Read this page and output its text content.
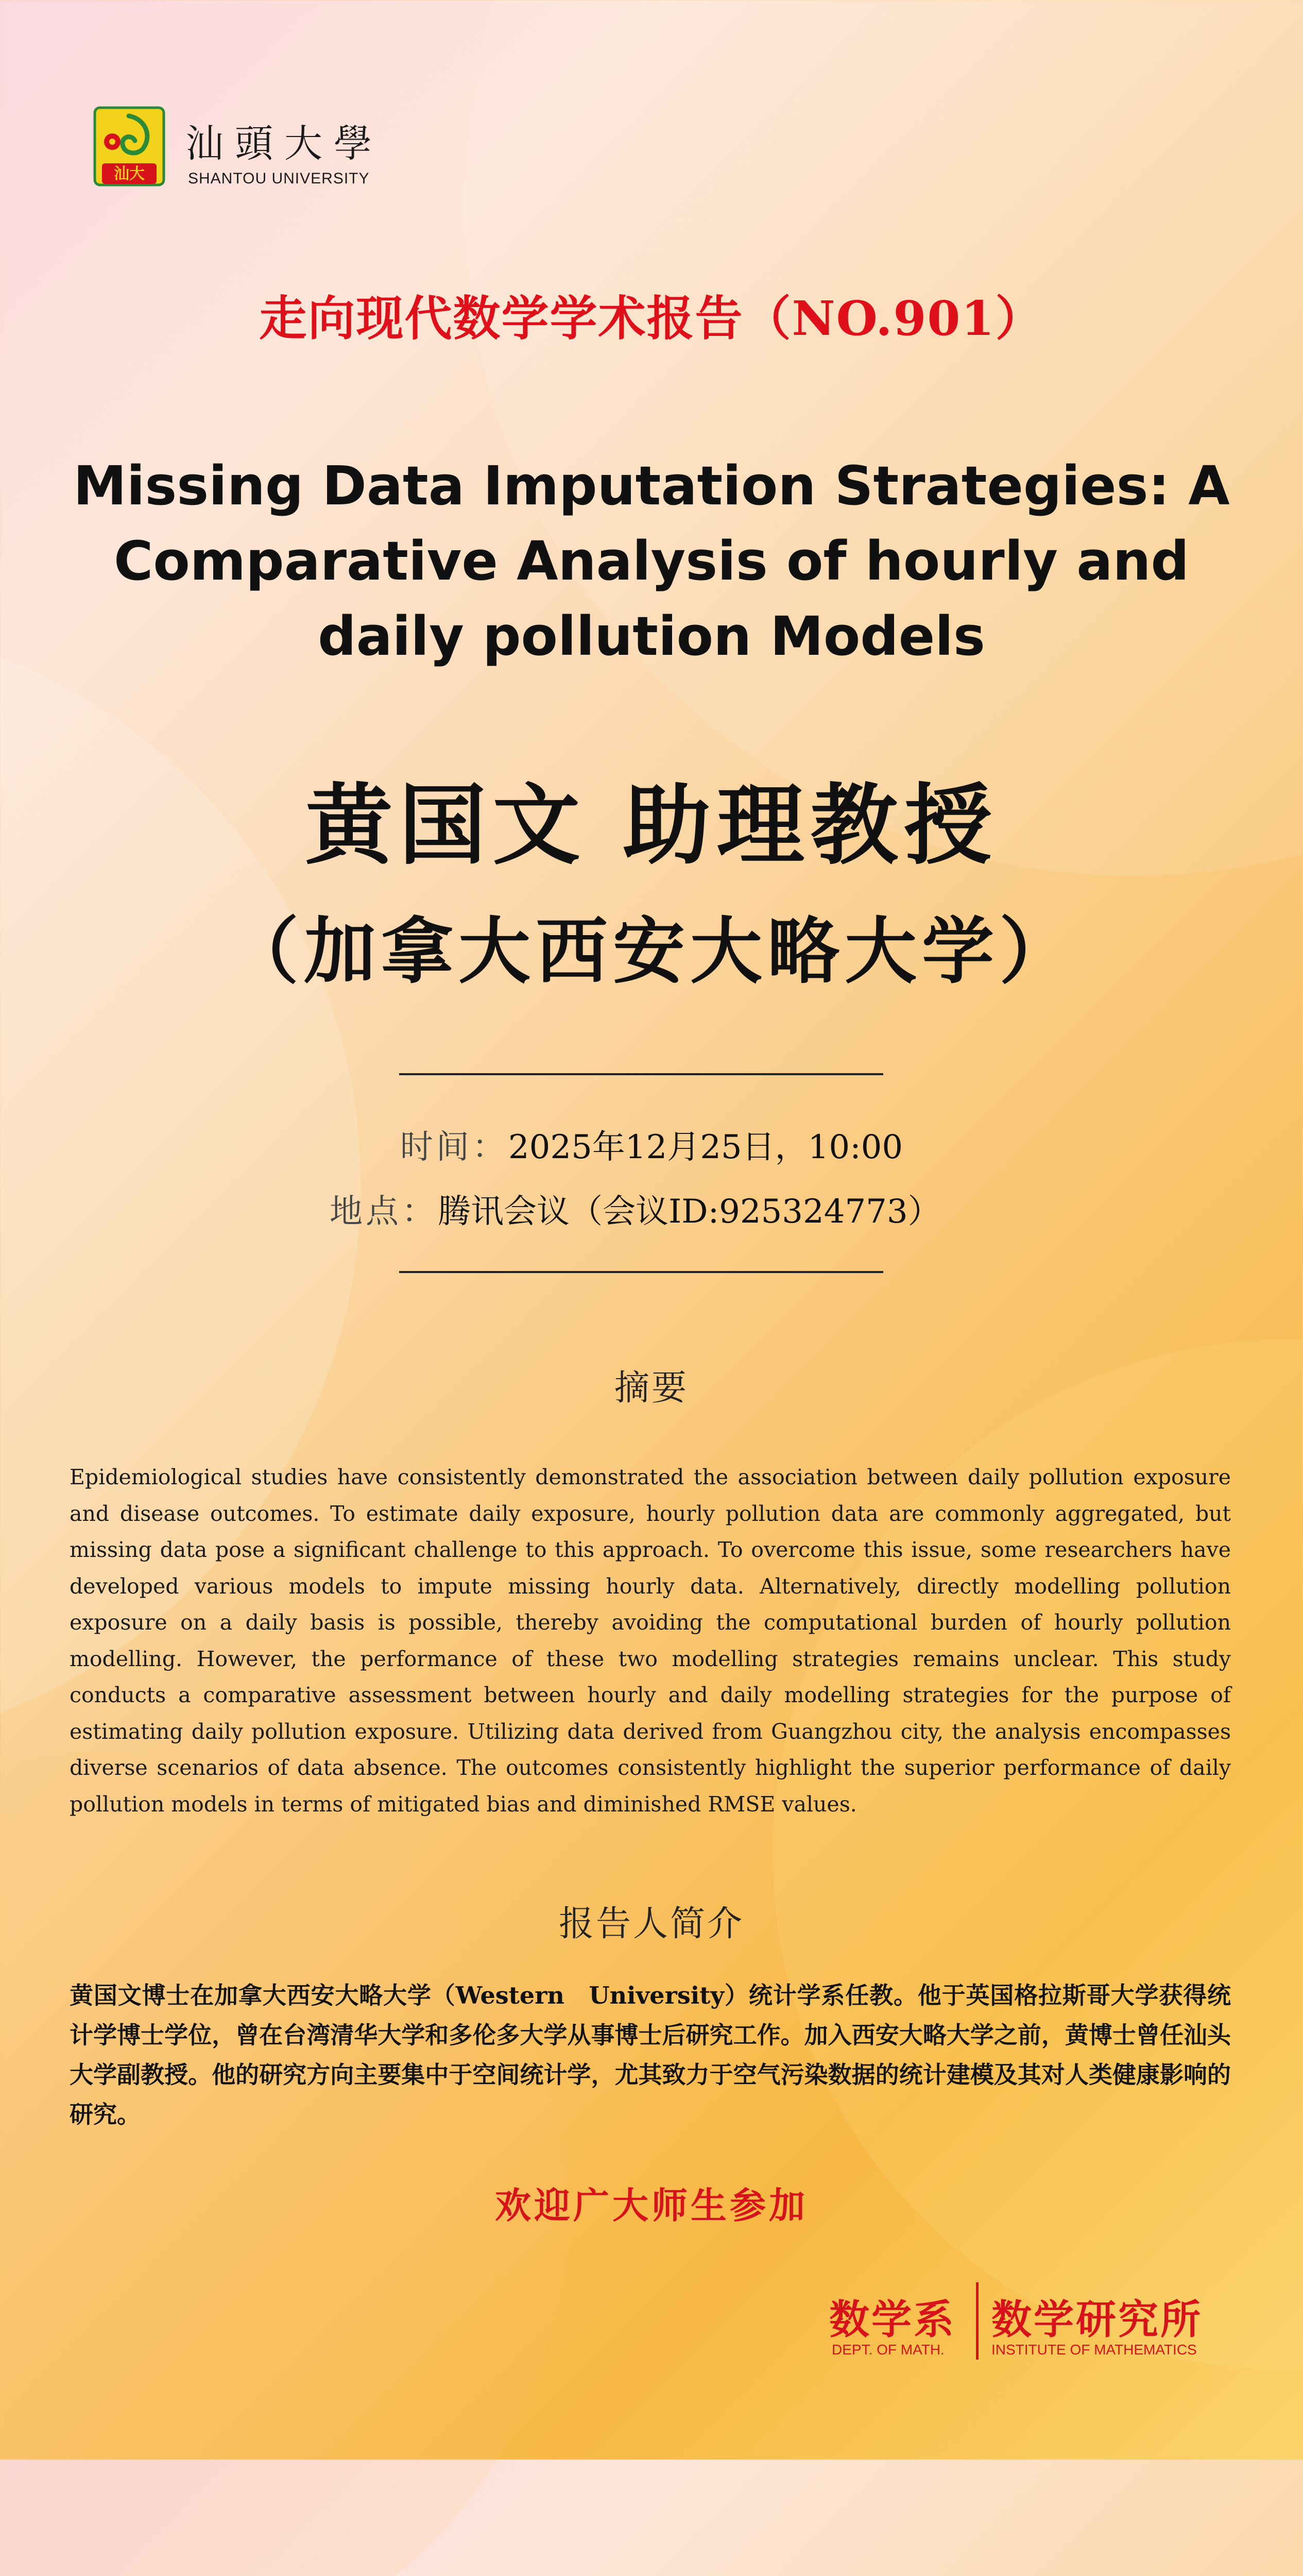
汕大
汕頭大學
SHANTOU UNIVERSITY
走向现代数学学术报告（NO.901）
Missing Data Imputation Strategies: A Comparative Analysis of hourly and daily pollution Models
黄国文 助理教授
（加拿大西安大略大学）
时间：2025年12月25日，10:00
地点：腾讯会议（会议ID:925324773）
摘要
Epidemiological studies have consistently demonstrated the association between daily pollution exposure and disease outcomes. To estimate daily exposure, hourly pollution data are commonly aggregated, but missing data pose a significant challenge to this approach. To overcome this issue, some researchers have developed various models to impute missing hourly data. Alternatively, directly modelling pollution exposure on a daily basis is possible, thereby avoiding the computational burden of hourly pollution modelling. However, the performance of these two modelling strategies remains unclear. This study conducts a comparative assessment between hourly and daily modelling strategies for the purpose of estimating daily pollution exposure. Utilizing data derived from Guangzhou city, the analysis encompasses diverse scenarios of data absence. The outcomes consistently highlight the superior performance of daily pollution models in terms of mitigated bias and diminished RMSE values.
报告人简介
黄国文博士在加拿大西安大略大学（Western　University）统计学系任教。他于英国格拉斯哥大学获得统计学博士学位，曾在台湾清华大学和多伦多大学从事博士后研究工作。加入西安大略大学之前，黄博士曾任汕头大学副教授。他的研究方向主要集中于空间统计学，尤其致力于空气污染数据的统计建模及其对人类健康影响的研究。
欢迎广大师生参加
数学系 数学研究所
DEPT. OF MATH.	INSTITUTE OF MATHEMATICS
